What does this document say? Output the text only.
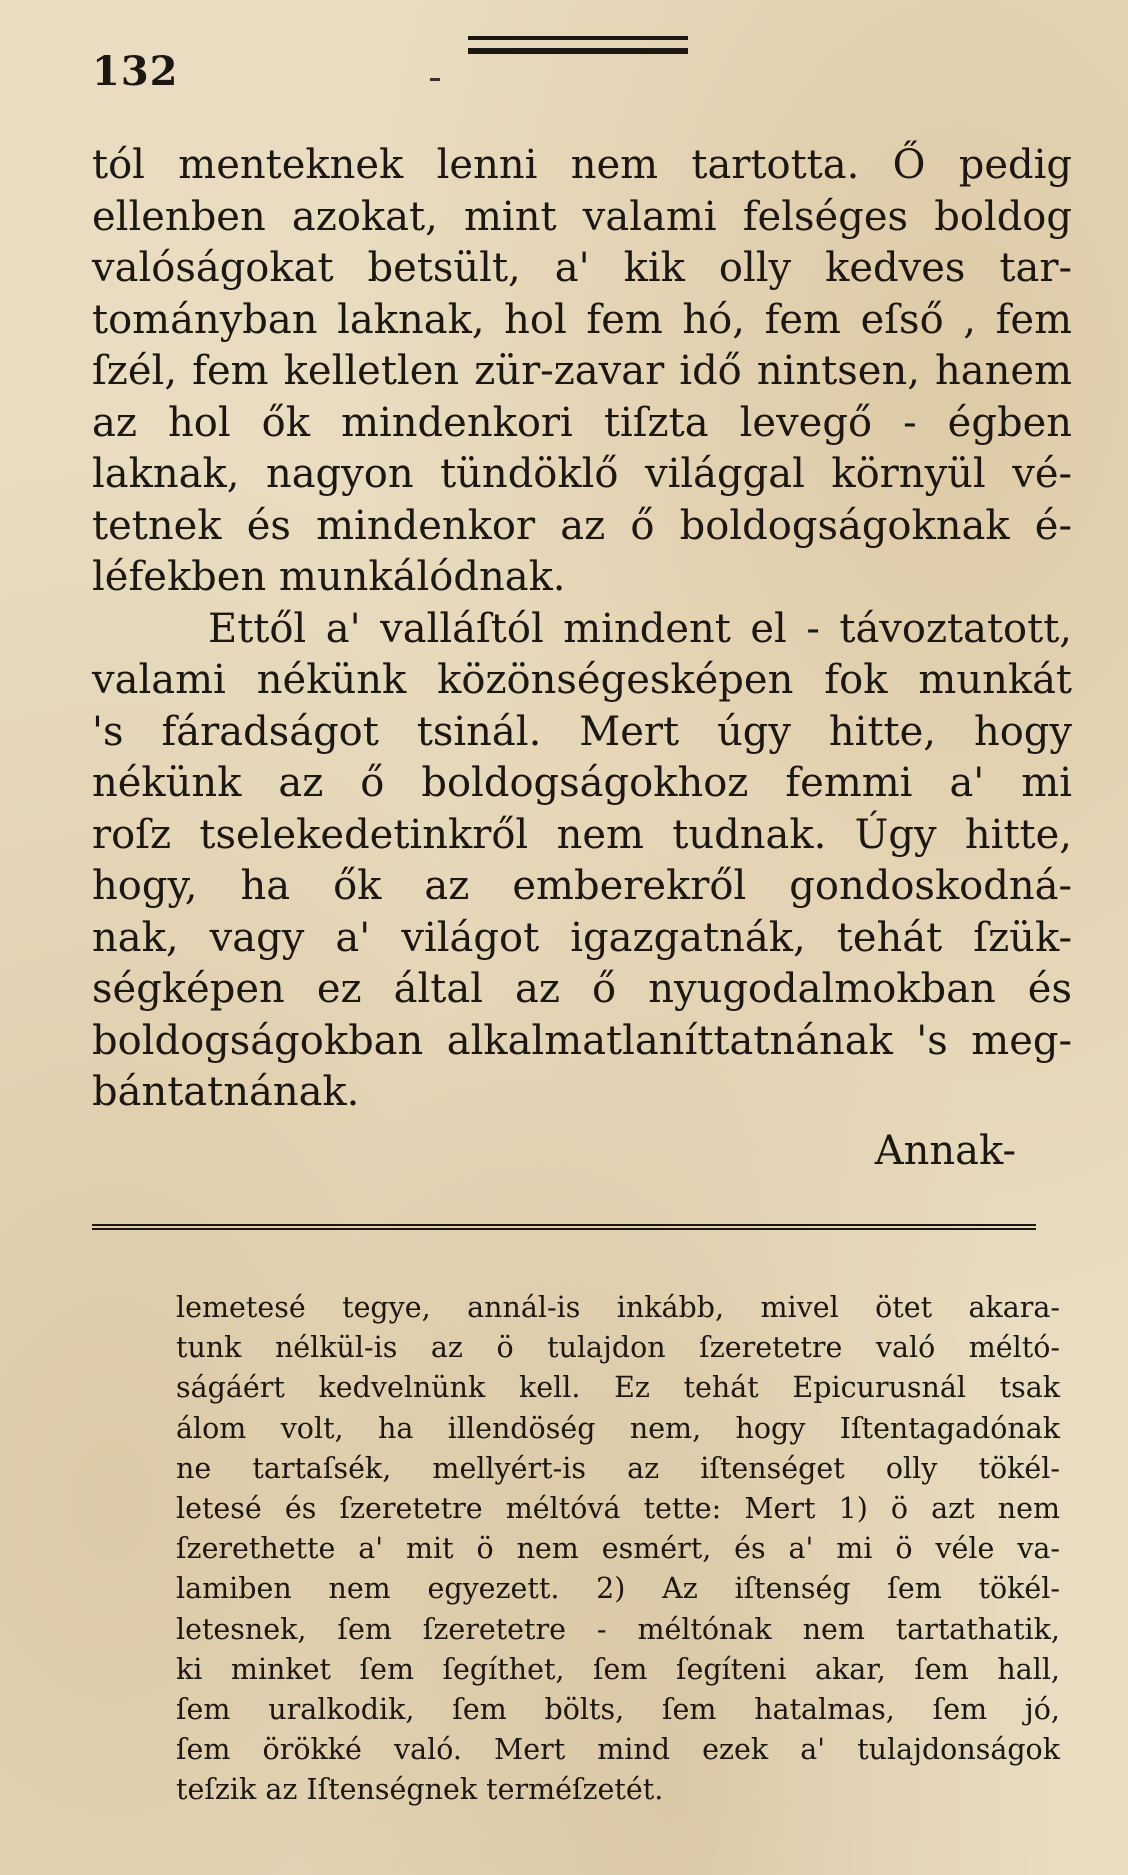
132
tól menteknek lenni nem tartotta. Ő pedig
ellenben azokat, mint valami felséges boldog
valóságokat betsült, a' kik olly kedves tar-
tományban laknak, hol fem hó, fem eſső , fem
ſzél, fem kelletlen zür-zavar idő nintsen, hanem
az hol ők mindenkori tiſzta levegő - égben
laknak, nagyon tündöklő világgal környül vé-
tetnek és mindenkor az ő boldogságoknak é-
léfekben munkálódnak.
Ettől a' valláſtól mindent el - távoztatott,
valami nékünk közönségesképen fok munkát
's fáradságot tsinál. Mert úgy hitte, hogy
nékünk az ő boldogságokhoz femmi a' mi
roſz tselekedetinkről nem tudnak. Úgy hitte,
hogy, ha ők az emberekről gondoskodná-
nak, vagy a' világot igazgatnák, tehát ſzük-
ségképen ez által az ő nyugodalmokban és
boldogságokban alkalmatlaníttatnának 's meg-
bántatnának.
Annak-
lemetesé tegye, annál-is inkább, mivel ötet akara-
tunk nélkül-is az ö tulajdon ſzeretetre való méltó-
ságáért kedvelnünk kell. Ez tehát Epicurusnál tsak
álom volt, ha illendöség nem, hogy Iſtentagadónak
ne tartaſsék, mellyért-is az iſtenséget olly tökél-
letesé és ſzeretetre méltóvá tette: Mert 1) ö azt nem
ſzerethette a' mit ö nem esmért, és a' mi ö véle va-
lamiben nem egyezett. 2) Az iſtenség ſem tökél-
letesnek, ſem ſzeretetre - méltónak nem tartathatik,
ki minket ſem ſegíthet, ſem ſegíteni akar, ſem hall,
ſem uralkodik, ſem bölts, ſem hatalmas, ſem jó,
ſem örökké való. Mert mind ezek a' tulajdonságok
teſzik az Iſtenségnek terméſzetét.
